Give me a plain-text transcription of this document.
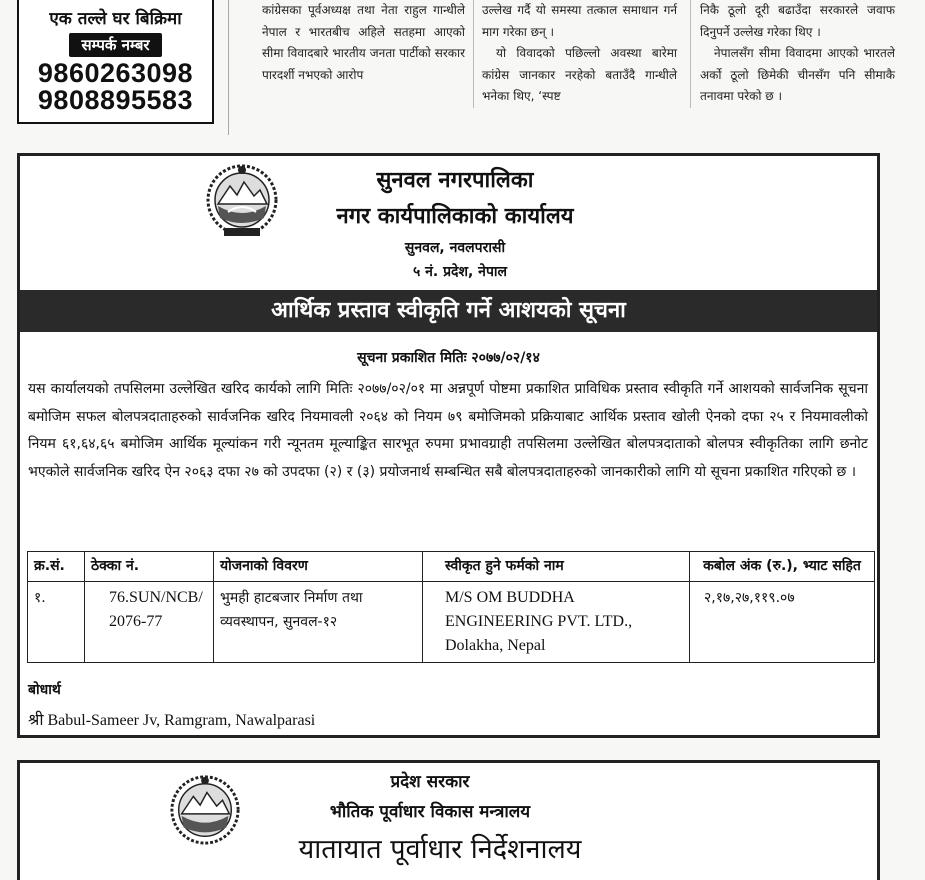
एक तल्ले घर बिक्रिमा
सम्पर्क नम्बर
9860263098
9808895583

कांग्रेसका पूर्वअध्यक्ष तथा नेता राहुल गान्धीले नेपाल र भारतबीच अहिले सतहमा आएको सीमा विवादबारे भारतीय जनता पार्टीको सरकार पारदर्शी नभएको आरोप

उल्लेख गर्दै यो समस्या तत्काल समाधान गर्न माग गरेका छन् ।

यो विवादको पछिल्लो अवस्था बारेमा कांग्रेस जानकार नरहेको बताउँदै गान्धीले भनेका थिए, ‘स्पष्ट

निकै ठूलो दूरी बढाउँदा सरकारले जवाफ दिनुपर्ने उल्लेख गरेका थिए ।

नेपालसँग सीमा विवादमा आएको भारतले अर्को ठूलो छिमेकी चीनसँग पनि सीमाकै तनावमा परेको छ ।

सुनवल नगरपालिका
नगर कार्यपालिकाको कार्यालय
सुनवल, नवलपरासी
५ नं. प्रदेश, नेपाल
आर्थिक प्रस्ताव स्वीकृति गर्ने आशयको सूचना
सूचना प्रकाशित मितिः २०७७/०२/१४

यस कार्यालयको तपसिलमा उल्लेखित खरिद कार्यको लागि मितिः २०७७/०२/०१ मा अन्नपूर्ण पोष्टमा प्रकाशित प्राविधिक प्रस्ताव स्वीकृति गर्ने आशयको सार्वजनिक सूचना बमोजिम सफल बोलपत्रदाताहरुको सार्वजनिक खरिद नियमावली २०६४ को नियम ७९ बमोजिमको प्रक्रियाबाट आर्थिक प्रस्ताव खोली ऐनको दफा २५ र नियमावलीको नियम ६१,६४,६५ बमोजिम आर्थिक मूल्यांकन गरी न्यूनतम मूल्याङ्कित सारभूत रुपमा प्रभावग्राही तपसिलमा उल्लेखित बोलपत्रदाताको बोलपत्र स्वीकृतिका लागि छनोट भएकोले सार्वजनिक खरिद ऐन २०६३ दफा २७ को उपदफा (२) र (३) प्रयोजनार्थ सम्बन्धित सबै बोलपत्रदाताहरुको जानकारीको लागि यो सूचना प्रकाशित गरिएको छ ।

क्र.सं.	ठेक्का नं.	योजनाको विवरण	स्वीकृत हुने फर्मको नाम	कबोल अंक (रु.), भ्याट सहित
१.	76.SUN/NCB/ 2076-77	भुमही हाटबजार निर्माण तथा व्यवस्थापन, सुनवल-१२	M/S OM BUDDHA
ENGINEERING PVT. LTD.,
Dolakha, Nepal	२,१७,२७,११९.०७
बोधार्थ
श्री Babul-Sameer Jv, Ramgram, Nawalparasi
प्रदेश सरकार
भौतिक पूर्वाधार विकास मन्त्रालय
यातायात पूर्वाधार निर्देशनालय
